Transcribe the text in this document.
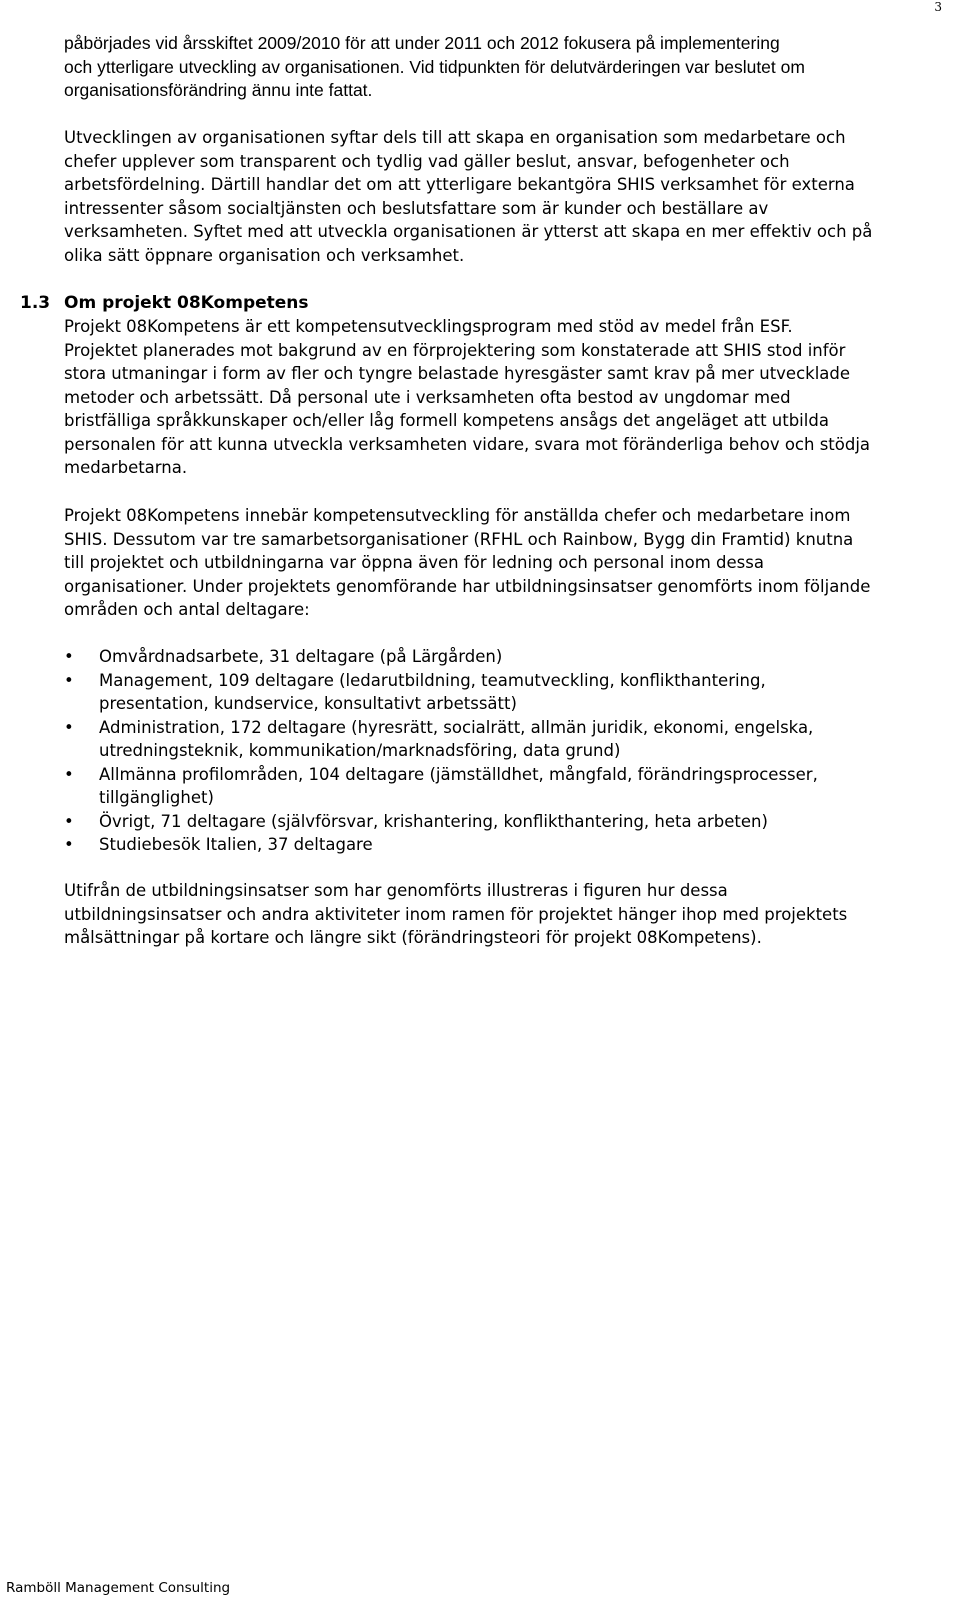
3

påbörjades vid årsskiftet 2009/2010 för att under 2011 och 2012 fokusera på implementering
och ytterligare utveckling av organisationen. Vid tidpunkten för delutvärderingen var beslutet om
organisationsförändring ännu inte fattat.

Utvecklingen av organisationen syftar dels till att skapa en organisation som medarbetare och
chefer upplever som transparent och tydlig vad gäller beslut, ansvar, befogenheter och
arbetsfördelning. Därtill handlar det om att ytterligare bekantgöra SHIS verksamhet för externa
intressenter såsom socialtjänsten och beslutsfattare som är kunder och beställare av
verksamheten. Syftet med att utveckla organisationen är ytterst att skapa en mer effektiv och på
olika sätt öppnare organisation och verksamhet.

1.3 Om projekt 08Kompetens

Projekt 08Kompetens är ett kompetensutvecklingsprogram med stöd av medel från ESF.
Projektet planerades mot bakgrund av en förprojektering som konstaterade att SHIS stod inför
stora utmaningar i form av fler och tyngre belastade hyresgäster samt krav på mer utvecklade
metoder och arbetssätt. Då personal ute i verksamheten ofta bestod av ungdomar med
bristfälliga språkkunskaper och/eller låg formell kompetens ansågs det angeläget att utbilda
personalen för att kunna utveckla verksamheten vidare, svara mot föränderliga behov och stödja
medarbetarna.

Projekt 08Kompetens innebär kompetensutveckling för anställda chefer och medarbetare inom
SHIS. Dessutom var tre samarbetsorganisationer (RFHL och Rainbow, Bygg din Framtid) knutna
till projektet och utbildningarna var öppna även för ledning och personal inom dessa
organisationer. Under projektets genomförande har utbildningsinsatser genomförts inom följande
områden och antal deltagare:

• Omvårdnadsarbete, 31 deltagare (på Lärgården)
• Management, 109 deltagare (ledarutbildning, teamutveckling, konflikthantering,
presentation, kundservice, konsultativt arbetssätt)
• Administration, 172 deltagare (hyresrätt, socialrätt, allmän juridik, ekonomi, engelska,
utredningsteknik, kommunikation/marknadsföring, data grund)
• Allmänna profilområden, 104 deltagare (jämställdhet, mångfald, förändringsprocesser,
tillgänglighet)
• Övrigt, 71 deltagare (självförsvar, krishantering, konflikthantering, heta arbeten)
• Studiebesök Italien, 37 deltagare

Utifrån de utbildningsinsatser som har genomförts illustreras i figuren hur dessa
utbildningsinsatser och andra aktiviteter inom ramen för projektet hänger ihop med projektets
målsättningar på kortare och längre sikt (förändringsteori för projekt 08Kompetens).

Ramböll Management Consulting
